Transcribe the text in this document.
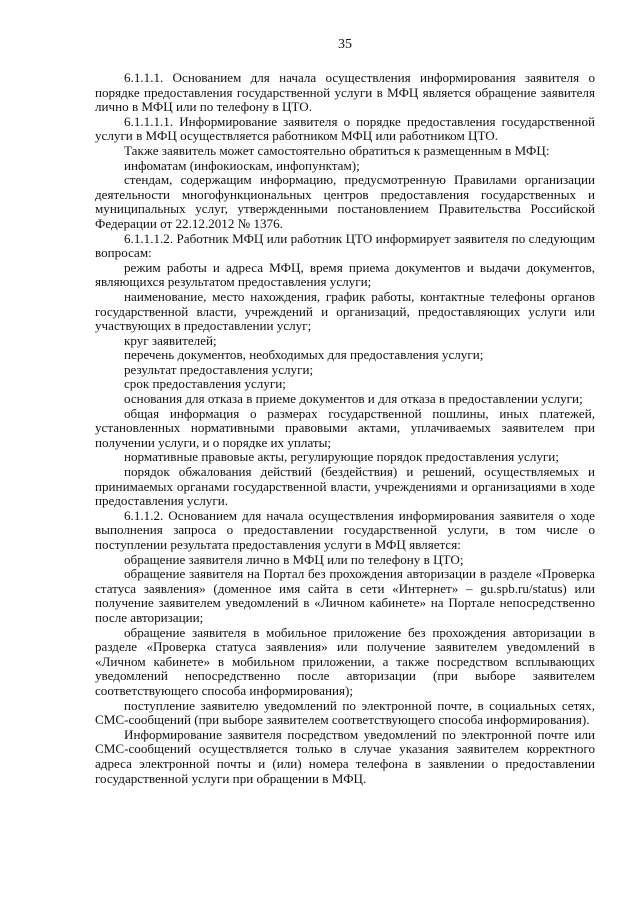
35

6.1.1.1. Основанием для начала осуществления информирования заявителя о порядке предоставления государственной услуги в МФЦ является обращение заявителя лично в МФЦ или по телефону в ЦТО.

6.1.1.1.1. Информирование заявителя о порядке предоставления государственной услуги в МФЦ осуществляется работником МФЦ или работником ЦТО.

Также заявитель может самостоятельно обратиться к размещенным в МФЦ:

инфоматам (инфокиоскам, инфопунктам);

стендам, содержащим информацию, предусмотренную Правилами организации деятельности многофункциональных центров предоставления государственных и муниципальных услуг, утвержденными постановлением Правительства Российской Федерации от 22.12.2012 № 1376.

6.1.1.1.2. Работник МФЦ или работник ЦТО информирует заявителя по следующим вопросам:

режим работы и адреса МФЦ, время приема документов и выдачи документов, являющихся результатом предоставления услуги;

наименование, место нахождения, график работы, контактные телефоны органов государственной власти, учреждений и организаций, предоставляющих услуги или участвующих в предоставлении услуг;

круг заявителей;

перечень документов, необходимых для предоставления услуги;

результат предоставления услуги;

срок предоставления услуги;

основания для отказа в приеме документов и для отказа в предоставлении услуги;

общая информация о размерах государственной пошлины, иных платежей, установленных нормативными правовыми актами, уплачиваемых заявителем при получении услуги, и о порядке их уплаты;

нормативные правовые акты, регулирующие порядок предоставления услуги;

порядок обжалования действий (бездействия) и решений, осуществляемых и принимаемых органами государственной власти, учреждениями и организациями в ходе предоставления услуги.

6.1.1.2. Основанием для начала осуществления информирования заявителя о ходе выполнения запроса о предоставлении государственной услуги, в том числе о поступлении результата предоставления услуги в МФЦ является:

обращение заявителя лично в МФЦ или по телефону в ЦТО;

обращение заявителя на Портал без прохождения авторизации в разделе «Проверка статуса заявления» (доменное имя сайта в сети «Интернет» – gu.spb.ru/status) или получение заявителем уведомлений в «Личном кабинете» на Портале непосредственно после авторизации;

обращение заявителя в мобильное приложение без прохождения авторизации в разделе «Проверка статуса заявления» или получение заявителем уведомлений в «Личном кабинете» в мобильном приложении, а также посредством всплывающих уведомлений непосредственно после авторизации (при выборе заявителем соответствующего способа информирования);

поступление заявителю уведомлений по электронной почте, в социальных сетях, СМС-сообщений (при выборе заявителем соответствующего способа информирования).

Информирование заявителя посредством уведомлений по электронной почте или СМС-сообщений осуществляется только в случае указания заявителем корректного адреса электронной почты и (или) номера телефона в заявлении о предоставлении государственной услуги при обращении в МФЦ.
